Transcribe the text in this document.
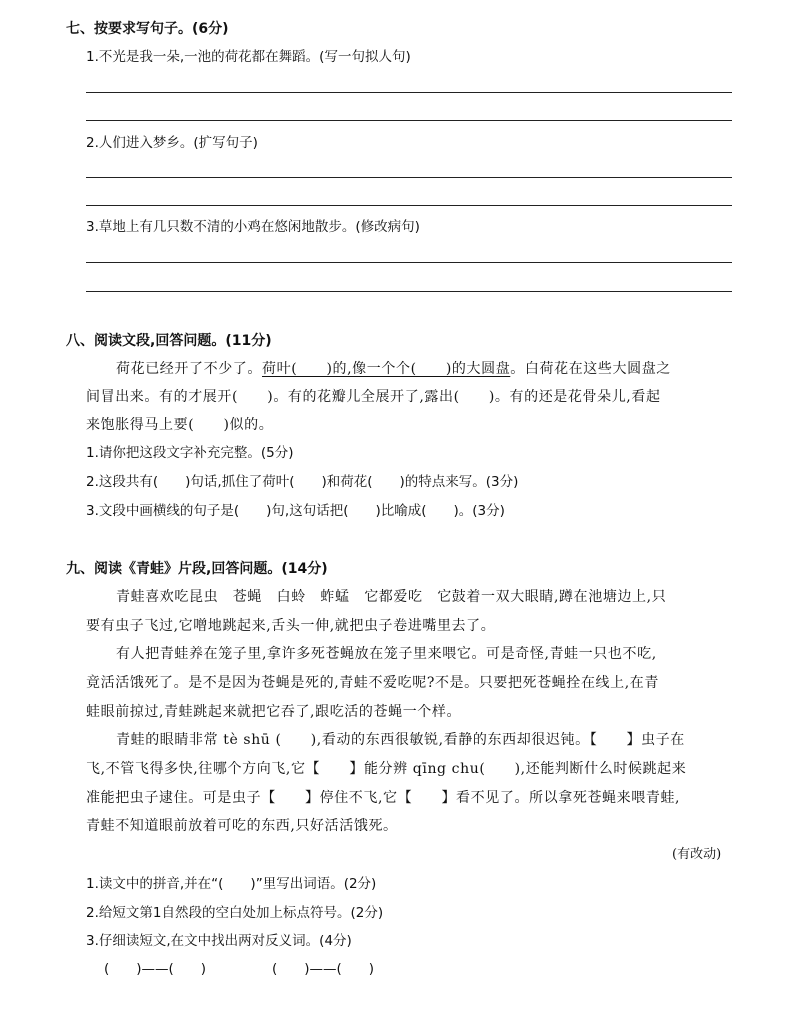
七、按要求写句子。(6分)
1.不光是我一朵,一池的荷花都在舞蹈。(写一句拟人句)
2.人们进入梦乡。(扩写句子)
3.草地上有几只数不清的小鸡在悠闲地散步。(修改病句)
八、阅读文段,回答问题。(11分)
荷花已经开了不少了。荷叶(　　)的,像一个个(　　)的大圆盘。白荷花在这些大圆盘之
间冒出来。有的才展开(　　)。有的花瓣儿全展开了,露出(　　)。有的还是花骨朵儿,看起
来饱胀得马上要(　　)似的。
1.请你把这段文字补充完整。(5分)
2.这段共有(　　)句话,抓住了荷叶(　　)和荷花(　　)的特点来写。(3分)
3.文段中画横线的句子是(　　)句,这句话把(　　)比喻成(　　)。(3分)
九、阅读《青蛙》片段,回答问题。(14分)
青蛙喜欢吃昆虫　苍蝇　白蛉　蚱蜢　它都爱吃　它鼓着一双大眼睛,蹲在池塘边上,只
要有虫子飞过,它噌地跳起来,舌头一伸,就把虫子卷进嘴里去了。
有人把青蛙养在笼子里,拿许多死苍蝇放在笼子里来喂它。可是奇怪,青蛙一只也不吃,
竟活活饿死了。是不是因为苍蝇是死的,青蛙不爱吃呢?不是。只要把死苍蝇拴在线上,在青
蛙眼前掠过,青蛙跳起来就把它吞了,跟吃活的苍蝇一个样。
青蛙的眼睛非常 tè shū (　　),看动的东西很敏锐,看静的东西却很迟钝。【　　】虫子在
飞,不管飞得多快,往哪个方向飞,它【　　】能分辨 qīng chu(　　),还能判断什么时候跳起来
准能把虫子逮住。可是虫子【　　】停住不飞,它【　　】看不见了。所以拿死苍蝇来喂青蛙,
青蛙不知道眼前放着可吃的东西,只好活活饿死。
(有改动)
1.读文中的拼音,并在“(　　)”里写出词语。(2分)
2.给短文第1自然段的空白处加上标点符号。(2分)
3.仔细读短文,在文中找出两对反义词。(4分)
(　　)——(　　)	(　　)——(　　)
